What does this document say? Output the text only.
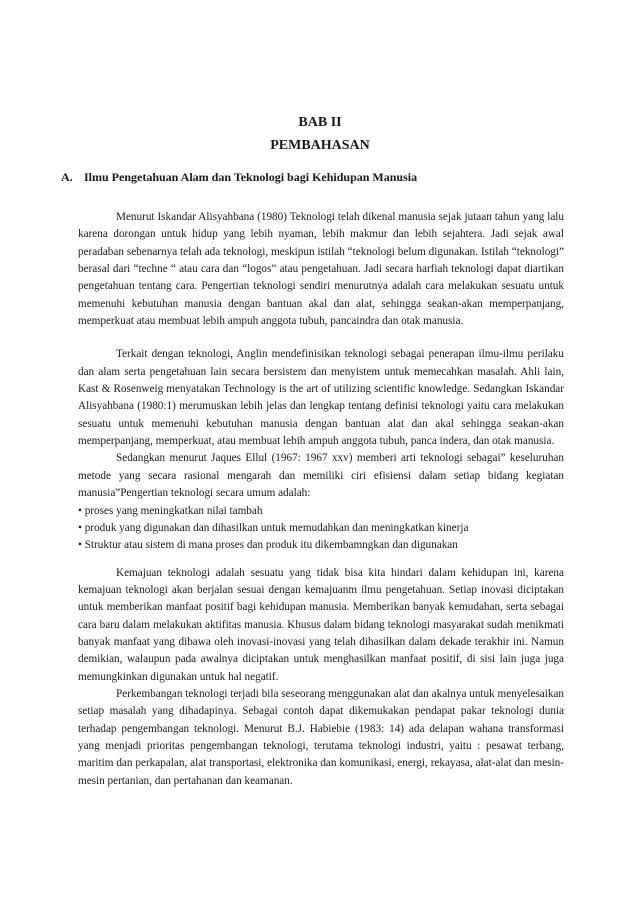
BAB II
PEMBAHASAN
A. Ilmu Pengetahuan Alam dan Teknologi bagi Kehidupan Manusia

Menurut Iskandar Alisyahbana (1980) Teknologi telah dikenal manusia sejak jutaan tahun yang lalu karena dorongan untuk hidup yang lebih nyaman, lebih makmur dan lebih sejahtera. Jadi sejak awal peradaban sebenarnya telah ada teknologi, meskipun istilah “teknologi belum digunakan. Istilah “teknologi” berasal dari “techne “ atau cara dan “logos” atau pengetahuan. Jadi secara harfiah teknologi dapat diartikan pengetahuan tentang cara. Pengertian teknologi sendiri menurutnya adalah cara melakukan sesuatu untuk memenuhi kebutuhan manusia dengan bantuan akal dan alat, sehingga seakan-akan memperpanjang, memperkuat atau membuat lebih ampuh anggota tubuh, pancaindra dan otak manusia.

Terkait dengan teknologi, Anglin mendefinisikan teknologi sebagai penerapan ilmu-ilmu perilaku dan alam serta pengetahuan lain secara bersistem dan menyistem untuk memecahkan masalah. Ahli lain, Kast & Rosenweig menyatakan Technology is the art of utilizing scientific knowledge. Sedangkan Iskandar Alisyahbana (1980:1) merumuskan lebih jelas dan lengkap tentang definisi teknologi yaitu cara melakukan sesuatu untuk memenuhi kebutuhan manusia dengan bantuan alat dan akal sehingga seakan-akan memperpanjang, memperkuat, atau membuat lebih ampuh anggota tubuh, panca indera, dan otak manusia.

Sedangkan menurut Jaques Ellul (1967: 1967 xxv) memberi arti teknologi sebagai” keseluruhan metode yang secara rasional mengarah dan memiliki ciri efisiensi dalam setiap bidang kegiatan manusia”Pengertian teknologi secara umum adalah:

• proses yang meningkatkan nilai tambah
• produk yang digunakan dan dihasilkan untuk memudahkan dan meningkatkan kinerja
• Struktur atau sistem di mana proses dan produk itu dikembamngkan dan digunakan

Kemajuan teknologi adalah sesuatu yang tidak bisa kita hindari dalam kehidupan ini, karena kemajuan teknologi akan berjalan sesuai dengan kemajuanm ilmu pengetahuan. Setiap inovasi diciptakan untuk memberikan manfaat positif bagi kehidupan manusia. Memberikan banyak kemudahan, serta sebagai cara baru dalam melakukan aktifitas manusia. Khusus dalam bidang teknologi masyarakat sudah menikmati banyak manfaat yang dibawa oleh inovasi-inovasi yang telah dihasilkan dalam dekade terakhir ini. Namun demikian, walaupun pada awalnya diciptakan untuk menghasilkan manfaat positif, di sisi lain juga juga memungkinkan digunakan untuk hal negatif.

Perkembangan teknologi terjadi bila seseorang menggunakan alat dan akalnya untuk menyelesaikan setiap masalah yang dihadapinya. Sebagai contoh dapat dikemukakan pendapat pakar teknologi dunia terhadap pengembangan teknologi. Menurut B.J. Habiebie (1983: 14) ada delapan wahana transformasi yang menjadi prioritas pengembangan teknologi, terutama teknologi industri, yaitu : pesawat terbang, maritim dan perkapalan, alat transportasi, elektronika dan komunikasi, energi, rekayasa, alat-alat dan mesin-mesin pertanian, dan pertahanan dan keamanan.
